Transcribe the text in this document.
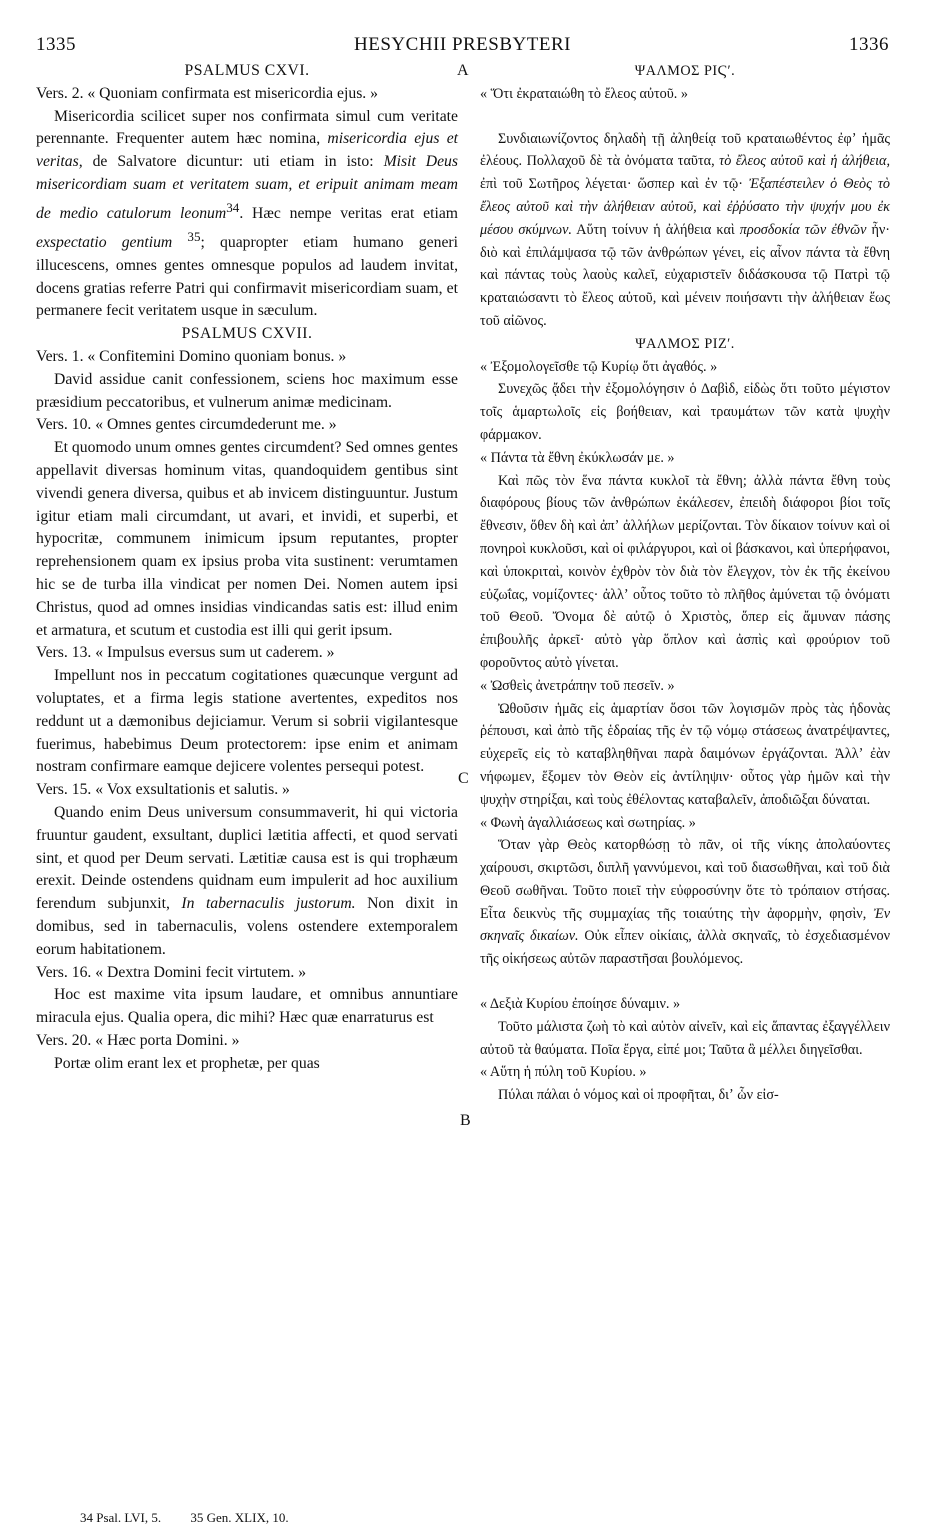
1335	HESYCHII PRESBYTERI	1336
A
C
B

PSALMUS CXVI.

Vers. 2. « Quoniam confirmata est misericordia ejus. »

Misericordia scilicet super nos confirmata simul cum veritate perennante. Frequenter autem hæc nomina, misericordia ejus et veritas, de Salvatore dicuntur: uti etiam in isto: Misit Deus misericordiam suam et veritatem suam, et eripuit animam meam de medio catulorum leonum$^{34}$. Hæc nempe veritas erat etiam exspectatio gentium $^{35}$; quapropter etiam humano generi illucescens, omnes gentes omnesque populos ad laudem invitat, docens gratias referre Patri qui confirmavit misericordiam suam, et permanere fecit veritatem usque in sæculum.

PSALMUS CXVII.

Vers. 1. « Confitemini Domino quoniam bonus. »

David assidue canit confessionem, sciens hoc maximum esse præsidium peccatoribus, et vulnerum animæ medicinam.

Vers. 10. « Omnes gentes circumdederunt me. »

Et quomodo unum omnes gentes circumdent? Sed omnes gentes appellavit diversas hominum vitas, quandoquidem gentibus sint vivendi genera diversa, quibus et ab invicem distinguuntur. Justum igitur etiam mali circumdant, ut avari, et invidi, et superbi, et hypocritæ, communem inimicum ipsum reputantes, propter reprehensionem quam ex ipsius proba vita sustinent: verumtamen hic se de turba illa vindicat per nomen Dei. Nomen autem ipsi Christus, quod ad omnes insidias vindicandas satis est: illud enim et armatura, et scutum et custodia est illi qui gerit ipsum.

Vers. 13. « Impulsus eversus sum ut caderem. »

Impellunt nos in peccatum cogitationes quæcunque vergunt ad voluptates, et a firma legis statione avertentes, expeditos nos reddunt ut a dæmonibus dejiciamur. Verum si sobrii vigilantesque fuerimus, habebimus Deum protectorem: ipse enim et animam nostram confirmare eamque dejicere volentes persequi potest.

Vers. 15. « Vox exsultationis et salutis. »

Quando enim Deus universum consummaverit, hi qui victoria fruuntur gaudent, exsultant, duplici lætitia affecti, et quod servati sint, et quod per Deum servati. Lætitiæ causa est is qui trophæum erexit. Deinde ostendens quidnam eum impulerit ad hoc auxilium ferendum subjunxit, In tabernaculis justorum. Non dixit in domibus, sed in tabernaculis, volens ostendere extemporalem eorum habitationem.

Vers. 16. « Dextra Domini fecit virtutem. »

Hoc est maxime vita ipsum laudare, et omnibus annuntiare miracula ejus. Qualia opera, dic mihi? Hæc quæ enarraturus est

Vers. 20. « Hæc porta Domini. »

Portæ olim erant lex et prophetæ, per quas

ΨΑΛΜΟΣ ΡΙϚʹ.

« Ὅτι ἐκραταιώθη τὸ ἔλεος αὐτοῦ. »

Συνδιαιωνίζοντος δηλαδὴ τῇ ἀληθείᾳ τοῦ κραταιωθέντος ἐφʼ ἡμᾶς ἐλέους. Πολλαχοῦ δὲ τὰ ὀνόματα ταῦτα, τὸ ἔλεος αὐτοῦ καὶ ἡ ἀλήθεια, ἐπὶ τοῦ Σωτῆρος λέγεται· ὥσπερ καὶ ἐν τῷ· Ἐξαπέστειλεν ὁ Θεὸς τὸ ἔλεος αὐτοῦ καὶ τὴν ἀλήθειαν αὐτοῦ, καὶ ἐῤῥύσατο τὴν ψυχήν μου ἐκ μέσου σκύμνων. Αὕτη τοίνυν ἡ ἀλήθεια καὶ προσδοκία τῶν ἐθνῶν ἦν· διὸ καὶ ἐπιλάμψασα τῷ τῶν ἀνθρώπων γένει, εἰς αἶνον πάντα τὰ ἔθνη καὶ πάντας τοὺς λαοὺς καλεῖ, εὐχαριστεῖν διδάσκουσα τῷ Πατρὶ τῷ κραταιώσαντι τὸ ἔλεος αὐτοῦ, καὶ μένειν ποιήσαντι τὴν ἀλήθειαν ἕως τοῦ αἰῶνος.

ΨΑΛΜΟΣ ΡΙΖʹ.

« Ἐξομολογεῖσθε τῷ Κυρίῳ ὅτι ἀγαθός. »

Συνεχῶς ᾄδει τὴν ἐξομολόγησιν ὁ Δαβὶδ, εἰδὼς ὅτι τοῦτο μέγιστον τοῖς ἁμαρτωλοῖς εἰς βοήθειαν, καὶ τραυμάτων τῶν κατὰ ψυχὴν φάρμακον.

« Πάντα τὰ ἔθνη ἐκύκλωσάν με. »

Καὶ πῶς τὸν ἕνα πάντα κυκλοῖ τὰ ἔθνη; ἀλλὰ πάντα ἔθνη τοὺς διαφόρους βίους τῶν ἀνθρώπων ἐκάλεσεν, ἐπειδὴ διάφοροι βίοι τοῖς ἔθνεσιν, ὅθεν δὴ καὶ ἀπʼ ἀλλήλων μερίζονται. Τὸν δίκαιον τοίνυν καὶ οἱ πονηροὶ κυκλοῦσι, καὶ οἱ φιλάργυροι, καὶ οἱ βάσκανοι, καὶ ὑπερήφανοι, καὶ ὑποκριταὶ, κοινὸν ἐχθρὸν τὸν διὰ τὸν ἔλεγχον, τὸν ἐκ τῆς ἐκείνου εὐζωΐας, νομίζοντες· ἀλλʼ οὗτος τοῦτο τὸ πλῆθος ἀμύνεται τῷ ὀνόματι τοῦ Θεοῦ. Ὄνομα δὲ αὐτῷ ὁ Χριστὸς, ὅπερ εἰς ἄμυναν πάσης ἐπιβουλῆς ἀρκεῖ· αὐτὸ γὰρ ὅπλον καὶ ἀσπὶς καὶ φρούριον τοῦ φοροῦντος αὐτὸ γίνεται.

« Ὠσθεὶς ἀνετράπην τοῦ πεσεῖν. »

Ὠθοῦσιν ἡμᾶς εἰς ἁμαρτίαν ὅσοι τῶν λογισμῶν πρὸς τὰς ἡδονὰς ῥέπουσι, καὶ ἀπὸ τῆς ἑδραίας τῆς ἐν τῷ νόμῳ στάσεως ἀνατρέψαντες, εὐχερεῖς εἰς τὸ καταβληθῆναι παρὰ δαιμόνων ἐργάζονται. Ἀλλʼ ἐὰν νήφωμεν, ἕξομεν τὸν Θεὸν εἰς ἀντίληψιν· οὗτος γὰρ ἡμῶν καὶ τὴν ψυχὴν στηρίξαι, καὶ τοὺς ἐθέλοντας καταβαλεῖν, ἀποδιῶξαι δύναται.

« Φωνὴ ἀγαλλιάσεως καὶ σωτηρίας. »

Ὅταν γὰρ Θεὸς κατορθώσῃ τὸ πᾶν, οἱ τῆς νίκης ἀπολαύοντες χαίρουσι, σκιρτῶσι, διπλῆ γαννύμενοι, καὶ τοῦ διασωθῆναι, καὶ τοῦ διὰ Θεοῦ σωθῆναι. Τοῦτο ποιεῖ τὴν εὐφροσύνην ὅτε τὸ τρόπαιον στήσας. Εἶτα δεικνὺς τῆς συμμαχίας τῆς τοιαύτης τὴν ἀφορμὴν, φησὶν, Ἐν σκηναῖς δικαίων. Οὐκ εἶπεν οἰκίαις, ἀλλὰ σκηναῖς, τὸ ἐσχεδιασμένον τῆς οἰκήσεως αὐτῶν παραστῆσαι βουλόμενος.

« Δεξιὰ Κυρίου ἐποίησε δύναμιν. »

Τοῦτο μάλιστα ζωὴ τὸ καὶ αὐτὸν αἰνεῖν, καὶ εἰς ἅπαντας ἐξαγγέλλειν αὐτοῦ τὰ θαύματα. Ποῖα ἔργα, εἰπέ μοι; Ταῦτα ἃ μέλλει διηγεῖσθαι.

« Αὕτη ἡ πύλη τοῦ Κυρίου. »

Πύλαι πάλαι ὁ νόμος καὶ οἱ προφῆται, διʼ ὧν εἰσ-

34 Psal. LVI, 5. 35 Gen. XLIX, 10.
